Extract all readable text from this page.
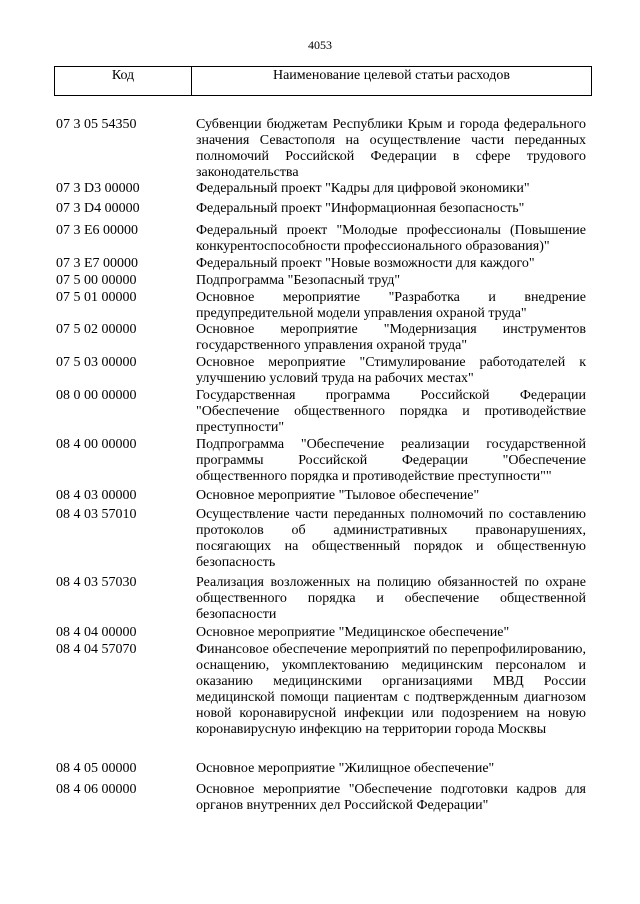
4053
Код	Наименование целевой статьи расходов
07 3 05 54350	Субвенции бюджетам Республики Крым и города федерального значения Севастополя на осуществление части переданных полномочий Российской Федерации в сфере трудового законодательства
07 3 D3 00000	Федеральный проект "Кадры для цифровой экономики"
07 3 D4 00000	Федеральный проект "Информационная безопасность"
07 3 E6 00000	Федеральный проект "Молодые профессионалы (Повышение конкурентоспособности профессионального образования)"
07 3 E7 00000	Федеральный проект "Новые возможности для каждого"
07 5 00 00000	Подпрограмма "Безопасный труд"
07 5 01 00000	Основное мероприятие "Разработка и внедрение предупредительной модели управления охраной труда"
07 5 02 00000	Основное мероприятие "Модернизация инструментов государственного управления охраной труда"
07 5 03 00000	Основное мероприятие "Стимулирование работодателей к улучшению условий труда на рабочих местах"
08 0 00 00000	Государственная программа Российской Федерации "Обеспечение общественного порядка и противодействие преступности"
08 4 00 00000	Подпрограмма "Обеспечение реализации государственной программы Российской Федерации "Обеспечение общественного порядка и противодействие преступности""
08 4 03 00000	Основное мероприятие "Тыловое обеспечение"
08 4 03 57010	Осуществление части переданных полномочий по составлению протоколов об административных правонарушениях, посягающих на общественный порядок и общественную безопасность
08 4 03 57030	Реализация возложенных на полицию обязанностей по охране общественного порядка и обеспечение общественной безопасности
08 4 04 00000	Основное мероприятие "Медицинское обеспечение"
08 4 04 57070	Финансовое обеспечение мероприятий по перепрофилированию, оснащению, укомплектованию медицинским персоналом и оказанию медицинскими организациями МВД России медицинской помощи пациентам с подтвержденным диагнозом новой коронавирусной инфекции или подозрением на новую коронавирусную инфекцию на территории города Москвы
08 4 05 00000	Основное мероприятие "Жилищное обеспечение"
08 4 06 00000	Основное мероприятие "Обеспечение подготовки кадров для органов внутренних дел Российской Федерации"
